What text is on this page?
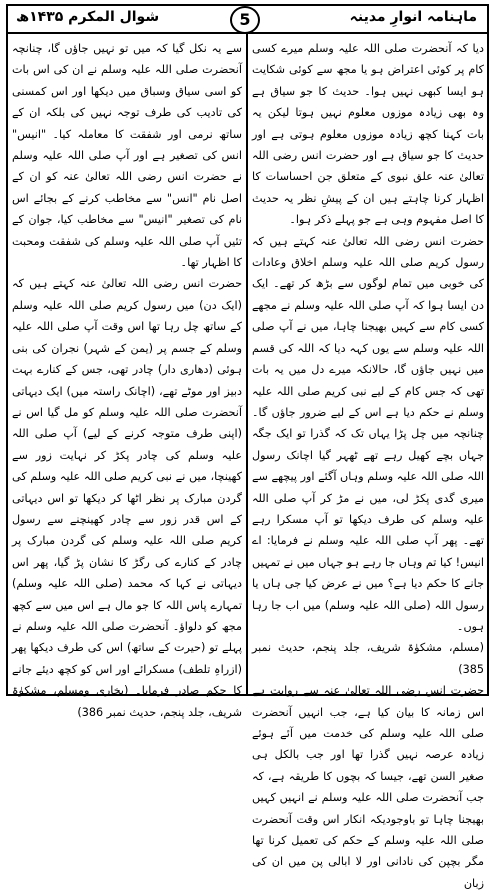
شوال المکرم ۱۴۳۵ھ	ماہنامہ انوارِ مدینہ
5

دیا کہ آنحضرت صلی اللہ علیہ وسلم میرے کسی کام پر کوئی اعتراض ہو یا مجھ سے کوئی شکایت ہو ایسا کبھی نہیں ہوا۔ حدیث کا جو سیاق ہے وہ بھی زیادہ موزوں معلوم نہیں ہوتا لیکن یہ بات کہنا کچھ زیادہ موزوں معلوم ہوتی ہے اور حدیث کا جو سیاق ہے اور حضرت انس رضی اللہ تعالیٰ عنہ علق نبوی کے متعلق جن احساسات کا اظہار کرنا چاہتے ہیں ان کے پیشِ نظر یہ حدیث کا اصل مفہوم وہی ہے جو پہلے ذکر ہوا۔

حضرت انس رضی اللہ تعالیٰ عنہ کہتے ہیں کہ رسول کریم صلی اللہ علیہ وسلم اخلاق وعادات کی خوبی میں تمام لوگوں سے بڑھ کر تھے۔ ایک دن ایسا ہوا کہ آپ صلی اللہ علیہ وسلم نے مجھے کسی کام سے کہیں بھیجنا چاہا، میں نے آپ صلی اللہ علیہ وسلم سے یوں کہہ دیا کہ اللہ کی قسم میں نہیں جاؤں گا، حالانکہ میرے دل میں یہ بات تھی کہ جس کام کے لیے نبی کریم صلی اللہ علیہ وسلم نے حکم دیا ہے اس کے لیے ضرور جاؤں گا۔ چنانچہ میں چل پڑا یہاں تک کہ گذرا تو ایک جگہ جہاں بچے کھیل رہے تھے ٹھہر گیا اچانک رسول اللہ صلی اللہ علیہ وسلم وہاں آگئے اور پیچھے سے میری گدی پکڑ لی، میں نے مڑ کر آپ صلی اللہ علیہ وسلم کی طرف دیکھا تو آپ مسکرا رہے تھے۔ پھر آپ صلی اللہ علیہ وسلم نے فرمایا: اے انیس! کیا تم وہاں جا رہے ہو جہاں میں نے تمہیں جانے کا حکم دیا ہے؟ میں نے عرض کیا جی ہاں یا رسول اللہ (صلی اللہ علیہ وسلم) میں اب جا رہا ہوں۔

(مسلم، مشکوٰۃ شریف، جلد پنجم، حدیث نمبر 385)

حضرت انس رضی اللہ تعالیٰ عنہ سے روایت ہے اس زمانہ کا بیان کیا ہے، جب انہیں آنحضرت صلی اللہ علیہ وسلم کی خدمت میں آئے ہوئے زیادہ عرصہ نہیں گذرا تھا اور جب بالکل ہی صغیر السن تھے، جیسا کہ بچوں کا طریقہ ہے، کہ جب آنحضرت صلی اللہ علیہ وسلم نے انہیں کہیں بھیجنا چاہا تو باوجودیکہ انکار اس وقت آنحضرت صلی اللہ علیہ وسلم کے حکم کی تعمیل کرنا تھا مگر بچپن کی نادانی اور لا ابالی پن میں ان کی زبان

سے یہ نکل گیا کہ میں تو نہیں جاؤں گا، چنانچہ آنحضرت صلی اللہ علیہ وسلم نے ان کی اس بات کو اسی سیاق وسباق میں دیکھا اور اس کمسنی کی تادیب کی طرف توجہ نہیں کی بلکہ ان کے ساتھ نرمی اور شفقت کا معاملہ کیا۔ "انیس" انس کی تصغیر ہے اور آپ صلی اللہ علیہ وسلم نے حضرت انس رضی اللہ تعالیٰ عنہ کو ان کے اصل نام "انس" سے مخاطب کرنے کے بجائے اس نام کی تصغیر "انیس" سے مخاطب کیا، جوان کے تئیں آپ صلی اللہ علیہ وسلم کی شفقت ومحبت کا اظہار تھا۔

حضرت انس رضی اللہ تعالیٰ عنہ کہتے ہیں کہ (ایک دن) میں رسول کریم صلی اللہ علیہ وسلم کے ساتھ چل رہا تھا اس وقت آپ صلی اللہ علیہ وسلم کے جسم پر (یمن کے شہر) نجران کی بنی ہوئی (دھاری دار) چادر تھی، جس کے کنارے بہت دبیز اور موٹے تھے، (اچانک راستہ میں) ایک دیہاتی آنحضرت صلی اللہ علیہ وسلم کو مل گیا اس نے (اپنی طرف متوجہ کرنے کے لیے) آپ صلی اللہ علیہ وسلم کی چادر پکڑ کر نہایت زور سے کھینچا، میں نے نبی کریم صلی اللہ علیہ وسلم کی گردن مبارک پر نظر اٹھا کر دیکھا تو اس دیہاتی کے اس قدر زور سے چادر کھینچنے سے رسول کریم صلی اللہ علیہ وسلم کی گردن مبارک پر چادر کے کنارے کی رگڑ کا نشان پڑ گیا، پھر اس دیہاتی نے کہا کہ محمد (صلی اللہ علیہ وسلم) تمہارے پاس اللہ کا جو مال ہے اس میں سے کچھ مجھ کو دلواؤ۔ آنحضرت صلی اللہ علیہ وسلم نے پہلے تو (حیرت کے ساتھ) اس کی طرف دیکھا پھر (ازراہِ تلطف) مسکرائے اور اس کو کچھ دیئے جانے کا حکم صادر فرمایا۔ (بخاری ومسلم، مشکوٰۃ شریف، جلد پنجم، حدیث نمبر 386)
